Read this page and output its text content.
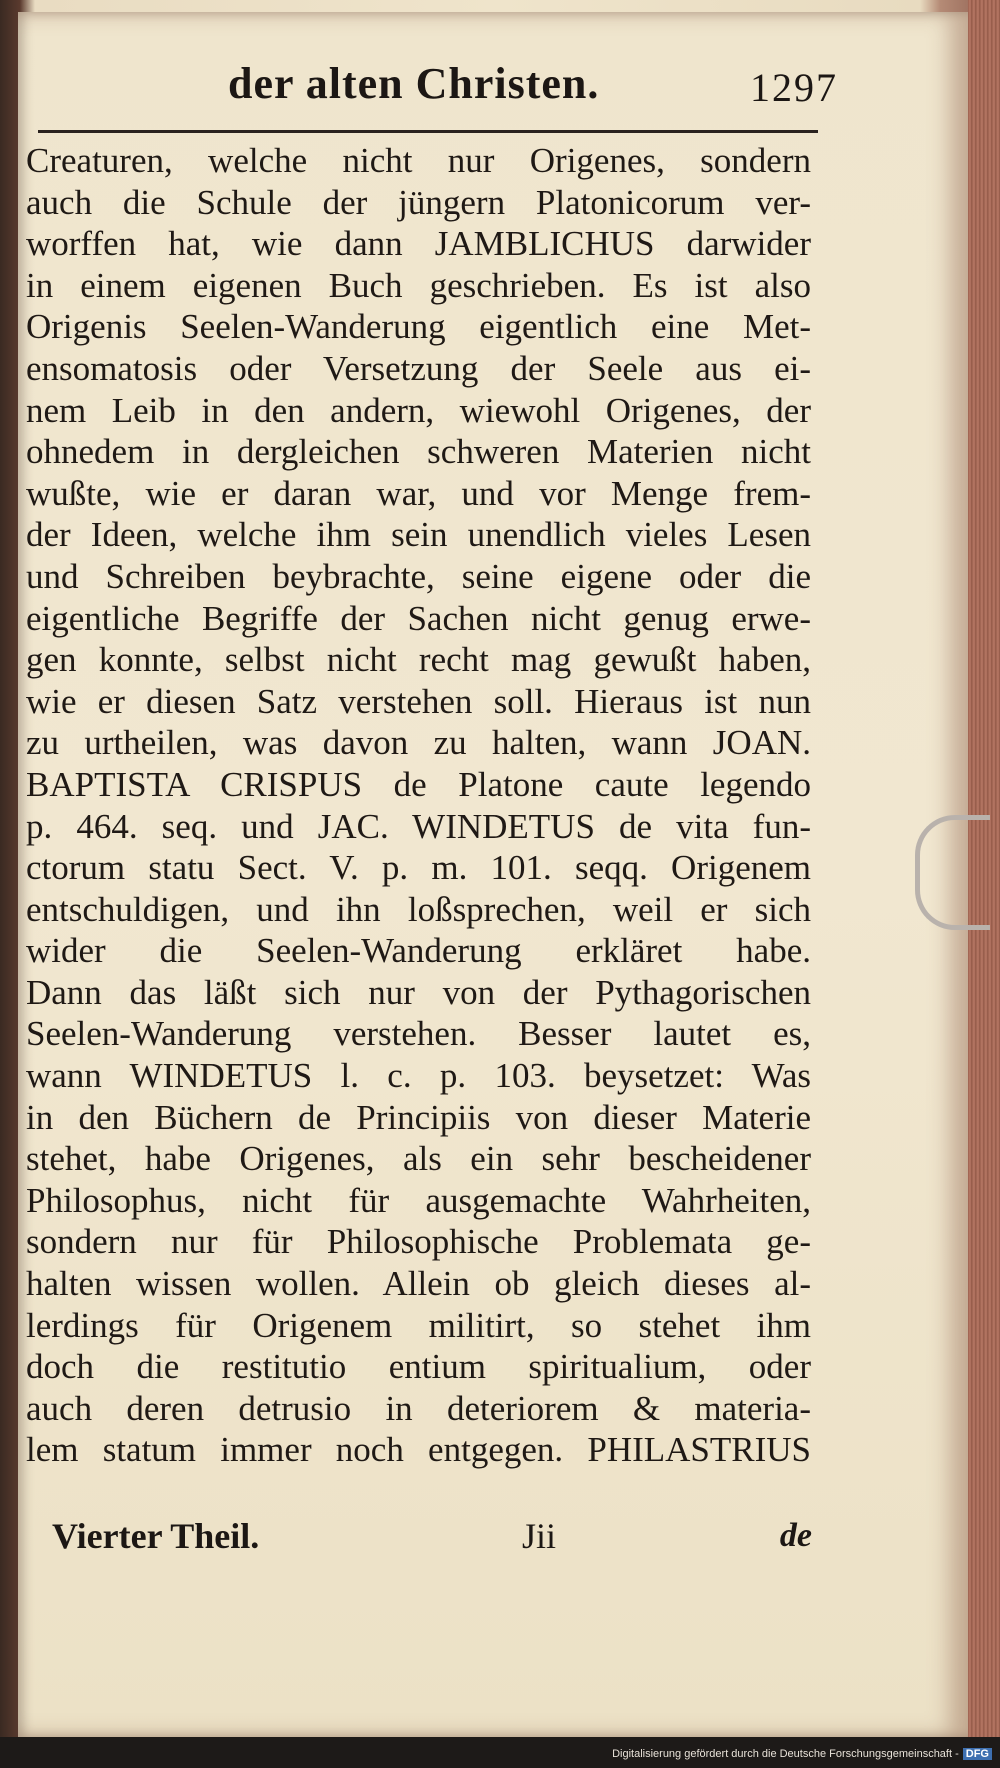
der alten Christen.	1297
Creaturen, welche nicht nur Origenes, sondern
auch die Schule der jüngern Platonicorum ver-
worffen hat, wie dann JAMBLICHUS darwider
in einem eigenen Buch geschrieben. Es ist also
Origenis Seelen-Wanderung eigentlich eine Met-
ensomatosis oder Versetzung der Seele aus ei-
nem Leib in den andern, wiewohl Origenes, der
ohnedem in dergleichen schweren Materien nicht
wußte, wie er daran war, und vor Menge frem-
der Ideen, welche ihm sein unendlich vieles Lesen
und Schreiben beybrachte, seine eigene oder die
eigentliche Begriffe der Sachen nicht genug erwe-
gen konnte, selbst nicht recht mag gewußt haben,
wie er diesen Satz verstehen soll. Hieraus ist nun
zu urtheilen, was davon zu halten, wann JOAN.
BAPTISTA CRISPUS de Platone caute legendo
p. 464. seq. und JAC. WINDETUS de vita fun-
ctorum statu Sect. V. p. m. 101. seqq. Origenem
entschuldigen, und ihn loßsprechen, weil er sich
wider die Seelen-Wanderung erkläret habe.
Dann das läßt sich nur von der Pythagorischen
Seelen-Wanderung verstehen. Besser lautet es,
wann WINDETUS l. c. p. 103. beysetzet: Was
in den Büchern de Principiis von dieser Materie
stehet, habe Origenes, als ein sehr bescheidener
Philosophus, nicht für ausgemachte Wahrheiten,
sondern nur für Philosophische Problemata ge-
halten wissen wollen. Allein ob gleich dieses al-
lerdings für Origenem militirt, so stehet ihm
doch die restitutio entium spiritualium, oder
auch deren detrusio in deteriorem & materia-
lem statum immer noch entgegen. PHILASTRIUS
Vierter Theil.	Jii	de
Digitalisierung gefördert durch die Deutsche Forschungsgemeinschaft - DFG
